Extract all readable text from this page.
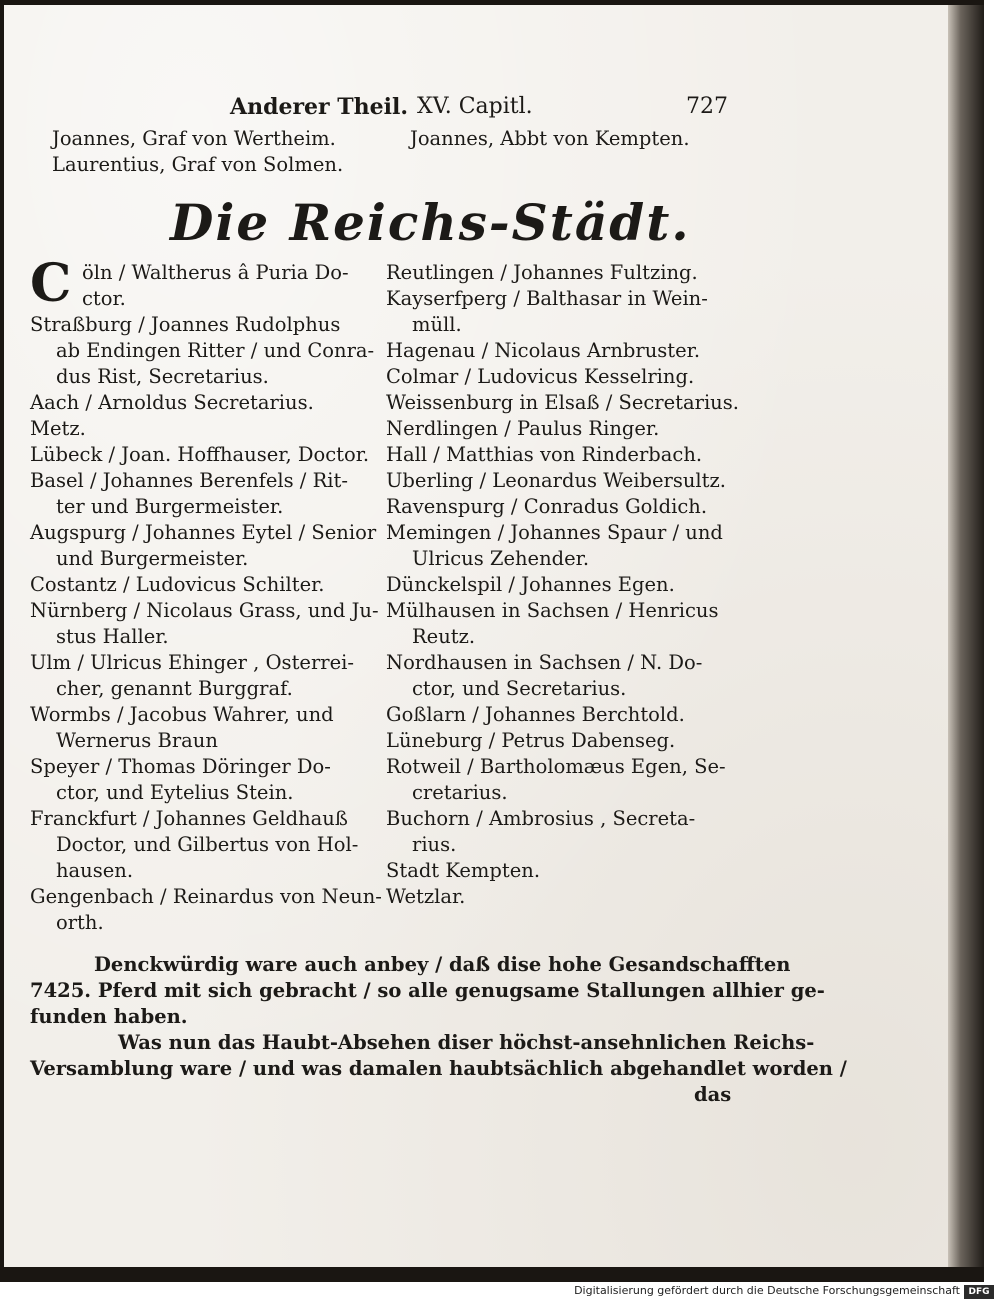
Anderer Theil. XV. Capitl.	727
Joannes, Graf von Wertheim.
Laurentius, Graf von Solmen.
Joannes, Abbt von Kempten.
Die Reichs-Städt.
C öln / Waltherus â Puria Do-
ctor.
Straßburg / Joannes Rudolphus
ab Endingen Ritter / und Conra-
dus Rist, Secretarius.
Aach / Arnoldus Secretarius.
Metz.
Lübeck / Joan. Hoffhauser, Doctor.
Basel / Johannes Berenfels / Rit-
ter und Burgermeister.
Augspurg / Johannes Eytel / Senior
und Burgermeister.
Costantz / Ludovicus Schilter.
Nürnberg / Nicolaus Grass, und Ju-
stus Haller.
Ulm / Ulricus Ehinger , Osterrei-
cher, genannt Burggraf.
Wormbs / Jacobus Wahrer, und
Wernerus Braun
Speyer / Thomas Döringer Do-
ctor, und Eytelius Stein.
Franckfurt / Johannes Geldhauß
Doctor, und Gilbertus von Hol-
hausen.
Gengenbach / Reinardus von Neun-
orth.
Reutlingen / Johannes Fultzing.
Kayserfperg / Balthasar in Wein-
müll.
Hagenau / Nicolaus Arnbruster.
Colmar / Ludovicus Kesselring.
Weissenburg in Elsaß / Secretarius.
Nerdlingen / Paulus Ringer.
Hall / Matthias von Rinderbach.
Uberling / Leonardus Weibersultz.
Ravenspurg / Conradus Goldich.
Memingen / Johannes Spaur / und
Ulricus Zehender.
Dünckelspil / Johannes Egen.
Mülhausen in Sachsen / Henricus
Reutz.
Nordhausen in Sachsen / N. Do-
ctor, und Secretarius.
Goßlarn / Johannes Berchtold.
Lüneburg / Petrus Dabenseg.
Rotweil / Bartholomæus Egen, Se-
cretarius.
Buchorn / Ambrosius , Secreta-
rius.
Stadt Kempten.
Wetzlar.
Denckwürdig ware auch anbey / daß dise hohe Gesandschafften
7425. Pferd mit sich gebracht / so alle genugsame Stallungen allhier ge-
funden haben.
Was nun das Haubt-Absehen diser höchst-ansehnlichen Reichs-
Versamblung ware / und was damalen haubtsächlich abgehandlet worden /
das
Digitalisierung gefördert durch die Deutsche Forschungsgemeinschaft DFG
